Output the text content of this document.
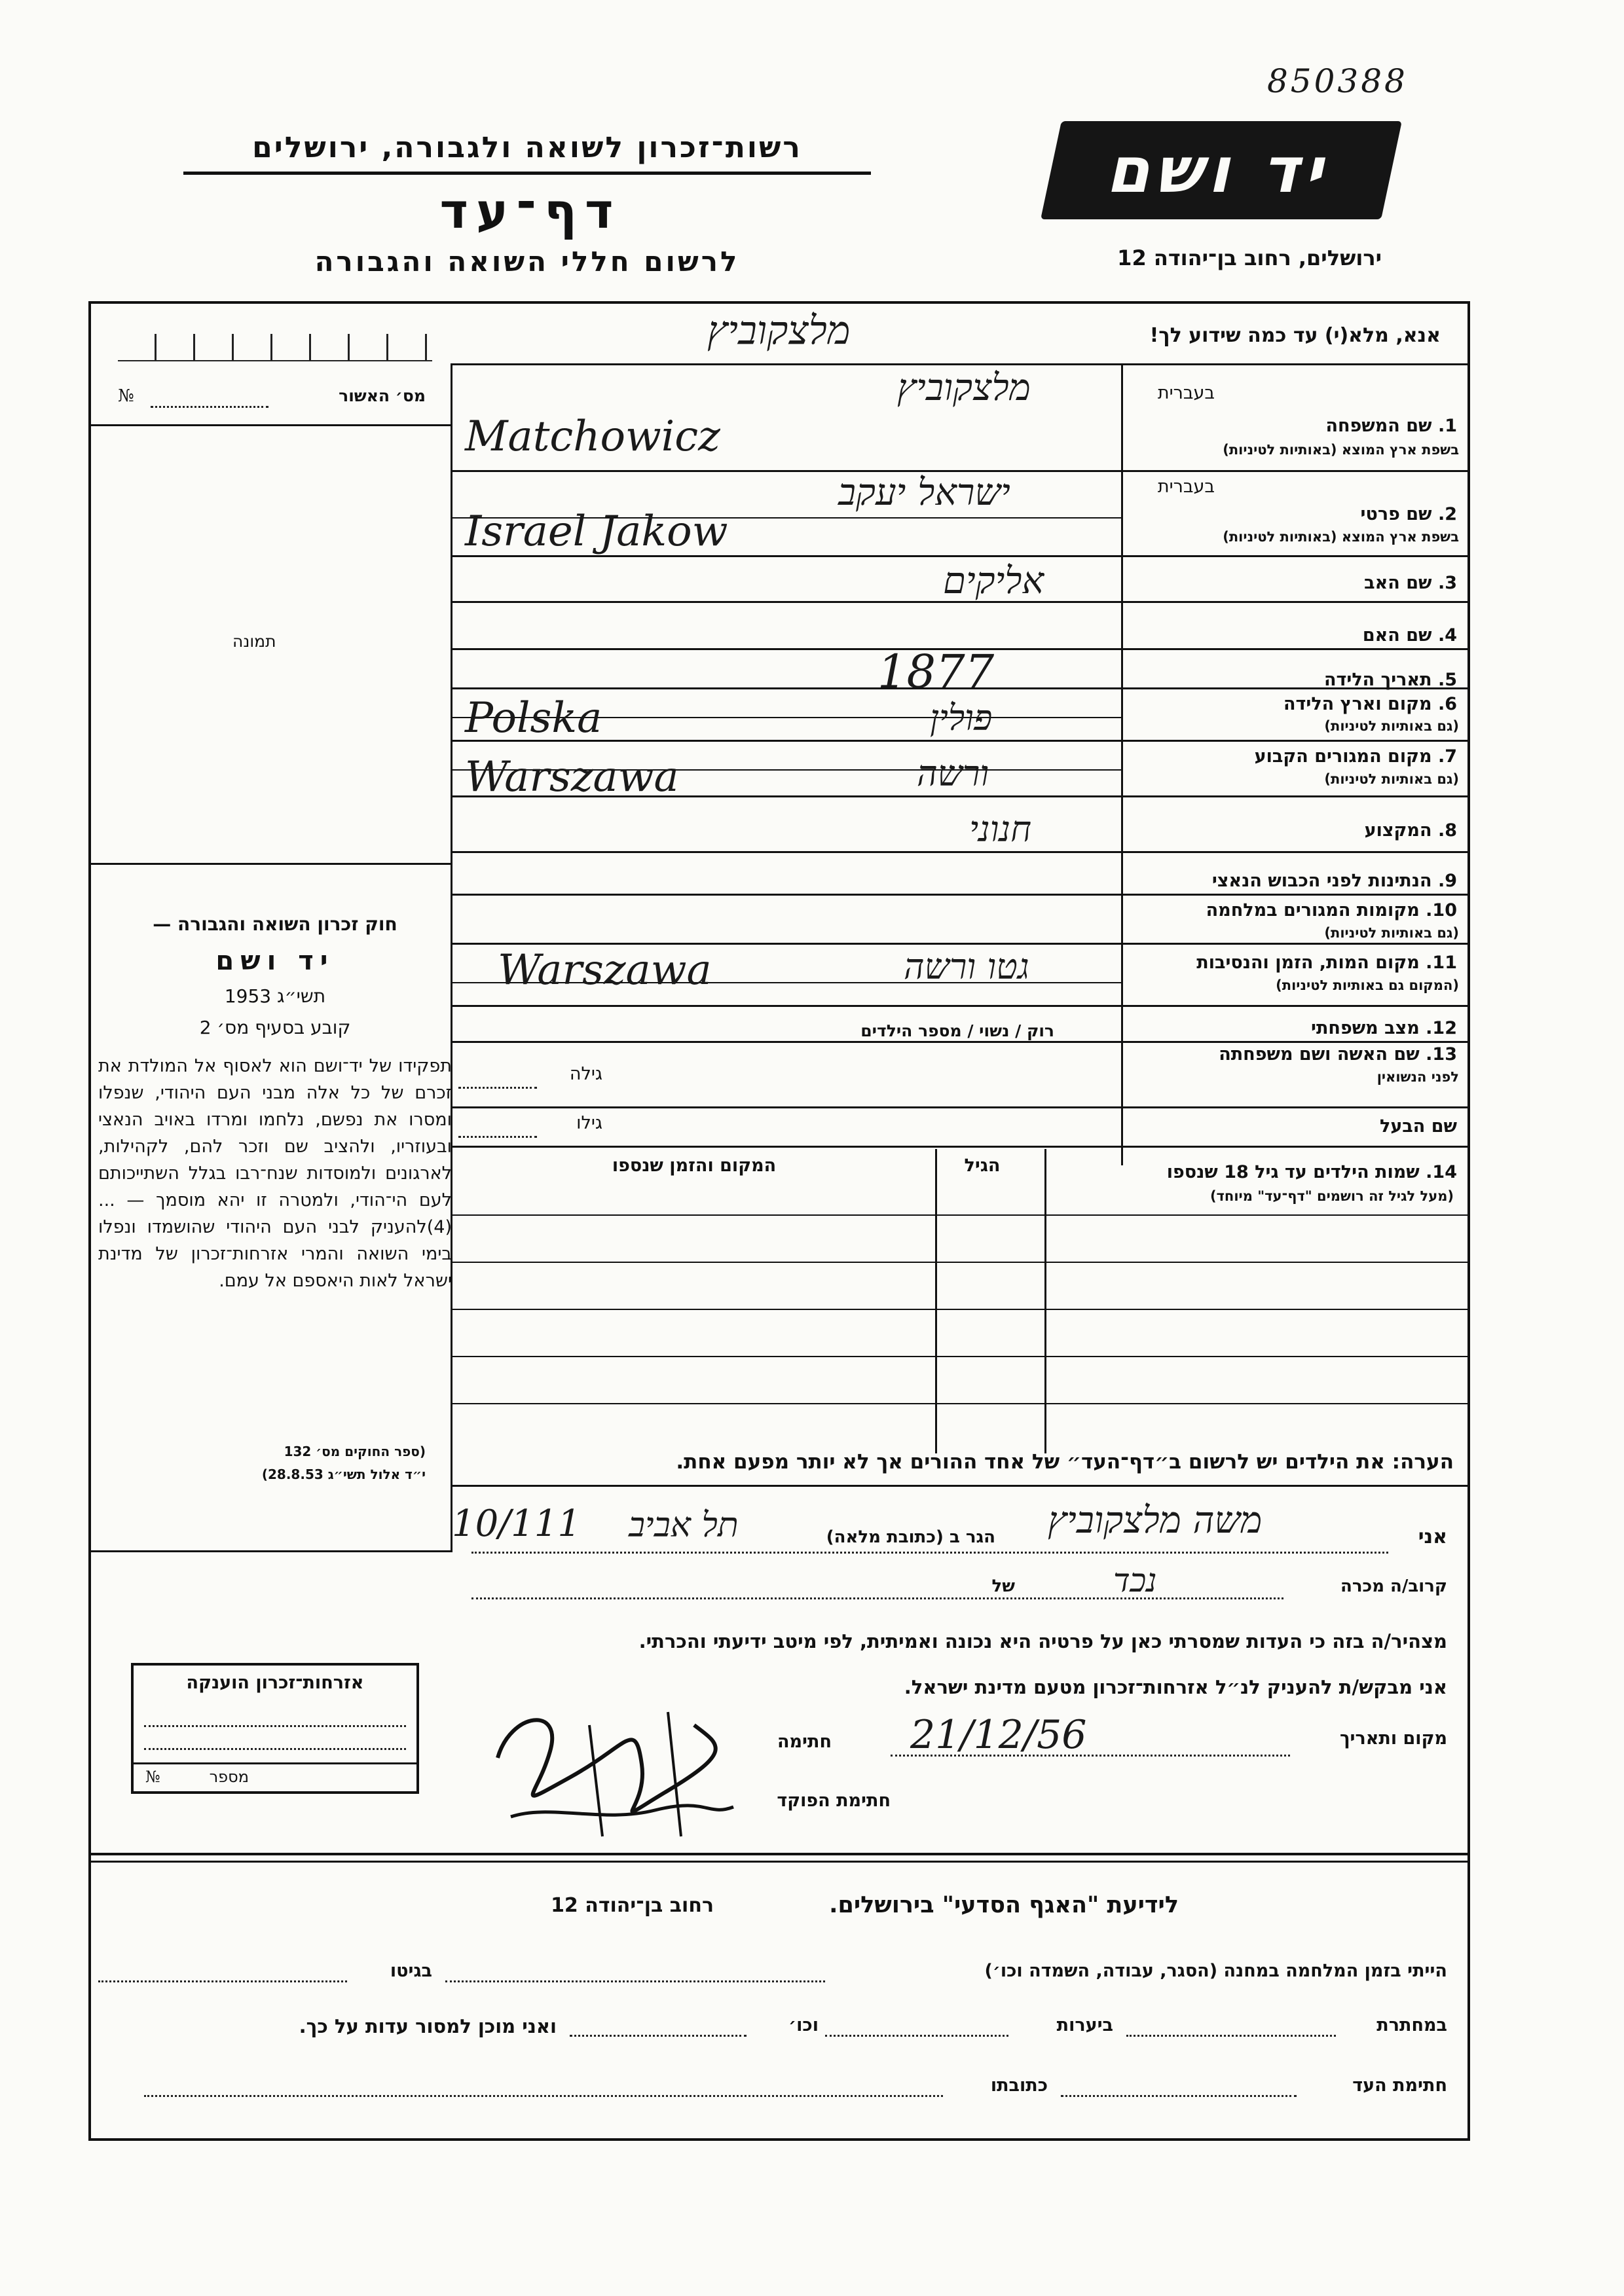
850388
רשות־זכרון לשואה ולגבורה, ירושלים
דף־עד
לרשום חללי השואה והגבורה
יד ושם
ירושלים, רחוב בן־יהודה 12
אנא, מלא(י) עד כמה שידוע לך!
מלצקוביץ
מס׳ האשור
№
תמונה
חוק זכרון השואה והגבורה —
יד ושם
תשי״ג 1953
קובע בסעיף מס׳ 2
תפקידו של יד־ושם הוא לאסוף אל המולדת את זכרם של כל אלה מבני העם היהודי, שנפלו ומסרו את נפשם, נלחמו ומרדו באויב הנאצי ובעוזריו, ולהציב שם וזכר להם, לקהילות, לארגונים ולמוסדות שנח־רבו בגלל השתייכותם לעם הי־הודי, ולמטרה זו יהא מוסמך — ...(4)להעניק לבני העם היהודי שהושמדו ונפלו בימי השואה והמרי אזרחות־זכרון של מדינת ישראל לאות היאספם אל עמם.
(ספר החוקים מס׳ 132
י״ד אלול תשי״ג 28.8.53)
בעברית
1. שם המשפחה
בשפת ארץ המוצא (באותיות לטיניות)
מלצקוביץ
Matchowicz
בעברית
2. שם פרטי
בשפת ארץ המוצא (באותיות לטיניות)
ישראל יעקב
Israel Jakow
3. שם האב
אליקים
4. שם האם
5. תאריך הלידה
1877
6. מקום וארץ הלידה
(גם באותיות לטיניות)
פולין
Polska
7. מקום המגורים הקבוע
(גם באותיות לטיניות)
ורשה
Warszawa
8. המקצוע
חנוני
9. הנתינות לפני הכבוש הנאצי
10. מקומות המגורים במלחמה
(גם באותיות לטיניות)
11. מקום המות, הזמן והנסיבות
(המקום גם באותיות לטיניות)
גטו ורשה
Warszawa
12. מצב משפחתי
רוק / נשוי / מספר הילדים
13. שם האשה ושם משפחתה
לפני הנשואין
גילה
שם הבעל
גילו
14. שמות הילדים עד גיל 18 שנספו
(מעל לגיל זה רושמים "דף־עד" מיוחד)
הגיל
המקום והזמן שנספו
הערה: את הילדים יש לרשום ב״דף־העד״ של אחד ההורים אך לא יותר מפעם אחת.
אני
משה מלצקוביץ
הגר ב (כתובת מלאה)
תל אביב
10/111
קרוב/ה מכרה
נכד
של
מצהיר/ה בזה כי העדות שמסרתי כאן על פרטיה היא נכונה ואמיתית, לפי מיטב ידיעתי והכרתי.
אני מבקש/ת להעניק לנ״ל אזרחות־זכרון מטעם מדינת ישראל.
מקום ותאריך
21/12/56
חתימה
חתימת הפוקד
אזרחות־זכרון הוענקה
מספר
№
לידיעת "האגף הסדעי" בירושלים.
רחוב בן־יהודה 12
הייתי בזמן המלחמה במחנה (הסגר, עבודה, השמדה וכו׳)
בגיטו
במחתרת
ביערות
וכו׳
ואני מוכן למסור עדות על כך.
חתימת העד
כתובתו
